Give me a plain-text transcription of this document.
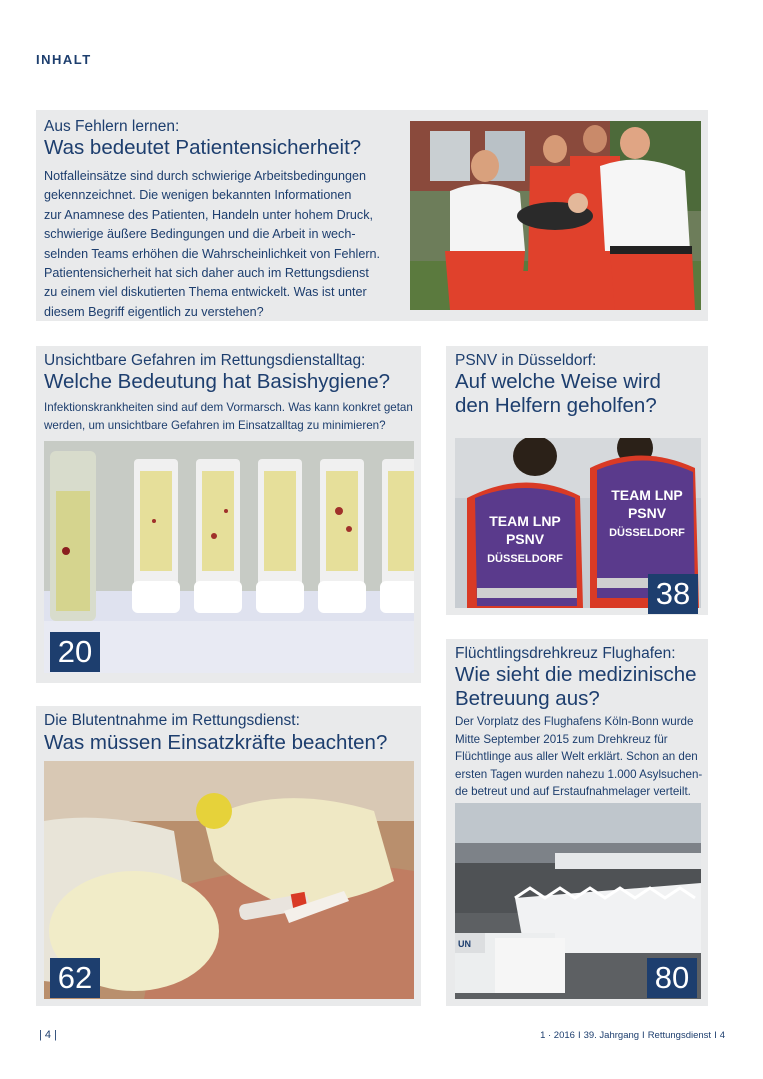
INHALT
Aus Fehlern lernen:
Was bedeutet Patientensicherheit?
Notfalleinsätze sind durch schwierige Arbeitsbedingungen
gekennzeichnet. Die wenigen bekannten Informationen
zur Anamnese des Patienten, Handeln unter hohem Druck,
schwierige äußere Bedingungen und die Arbeit in wech-
selnden Teams erhöhen die Wahrscheinlichkeit von Fehlern.
Patientensicherheit hat sich daher auch im Rettungsdienst
zu einem viel diskutierten Thema entwickelt. Was ist unter
diesem Begriff eigentlich zu verstehen?
Unsichtbare Gefahren im Rettungsdienstalltag:
Welche Bedeutung hat Basishygiene?
Infektionskrankheiten sind auf dem Vormarsch. Was kann konkret getan
werden, um unsichtbare Gefahren im Einsatzalltag zu minimieren?
20
PSNV in Düsseldorf:
Auf welche Weise wird
den Helfern geholfen?
TEAM LNP
PSNV
DÜSSELDORF
TEAM LNP
PSNV
DÜSSELDORF
38
Die Blutentnahme im Rettungsdienst:
Was müssen Einsatzkräfte beachten?
62
Flüchtlingsdrehkreuz Flughafen:
Wie sieht die medizinische
Betreuung aus?
Der Vorplatz des Flughafens Köln-Bonn wurde
Mitte September 2015 zum Drehkreuz für
Flüchtlinge aus aller Welt erklärt. Schon an den
ersten Tagen wurden nahezu 1.000 Asylsuchen-
de betreut und auf Erstaufnahmelager verteilt.
UN
80
| 4 |	1 · 2016 I 39. Jahrgang I Rettungsdienst I 4
